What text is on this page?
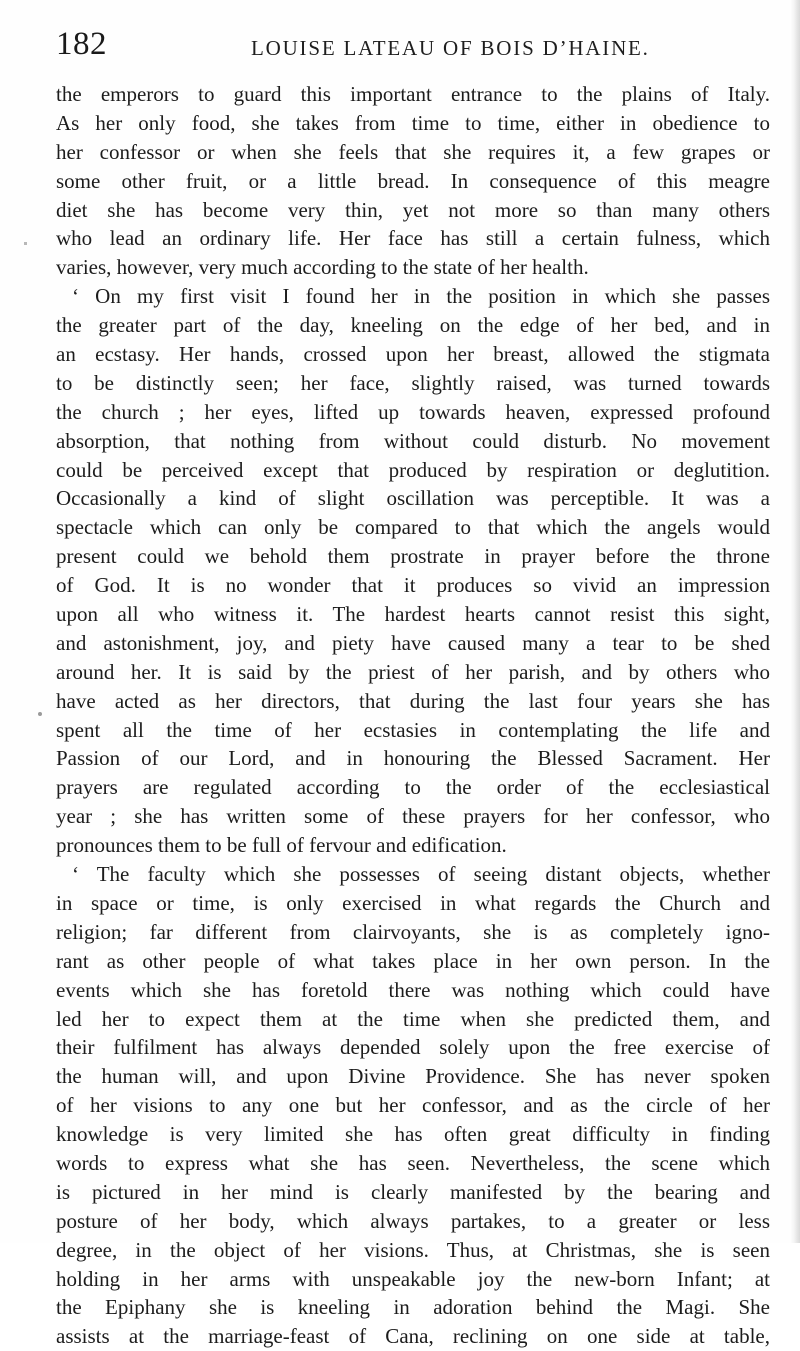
182	LOUISE LATEAU OF BOIS D’HAINE.
the emperors to guard this important entrance to the plains of Italy.
As her only food, she takes from time to time, either in obedience to
her confessor or when she feels that she requires it, a few grapes or
some other fruit, or a little bread. In consequence of this meagre
diet she has become very thin, yet not more so than many others
who lead an ordinary life. Her face has still a certain fulness, which
varies, however, very much according to the state of her health.
‘ On my first visit I found her in the position in which she passes
the greater part of the day, kneeling on the edge of her bed, and in
an ecstasy. Her hands, crossed upon her breast, allowed the stigmata
to be distinctly seen; her face, slightly raised, was turned towards
the church ; her eyes, lifted up towards heaven, expressed profound
absorption, that nothing from without could disturb. No movement
could be perceived except that produced by respiration or deglutition.
Occasionally a kind of slight oscillation was perceptible. It was a
spectacle which can only be compared to that which the angels would
present could we behold them prostrate in prayer before the throne
of God. It is no wonder that it produces so vivid an impression
upon all who witness it. The hardest hearts cannot resist this sight,
and astonishment, joy, and piety have caused many a tear to be shed
around her. It is said by the priest of her parish, and by others who
have acted as her directors, that during the last four years she has
spent all the time of her ecstasies in contemplating the life and
Passion of our Lord, and in honouring the Blessed Sacrament. Her
prayers are regulated according to the order of the ecclesiastical
year ; she has written some of these prayers for her confessor, who
pronounces them to be full of fervour and edification.
‘ The faculty which she possesses of seeing distant objects, whether
in space or time, is only exercised in what regards the Church and
religion; far different from clairvoyants, she is as completely igno-
rant as other people of what takes place in her own person. In the
events which she has foretold there was nothing which could have
led her to expect them at the time when she predicted them, and
their fulfilment has always depended solely upon the free exercise of
the human will, and upon Divine Providence. She has never spoken
of her visions to any one but her confessor, and as the circle of her
knowledge is very limited she has often great difficulty in finding
words to express what she has seen. Nevertheless, the scene which
is pictured in her mind is clearly manifested by the bearing and
posture of her body, which always partakes, to a greater or less
degree, in the object of her visions. Thus, at Christmas, she is seen
holding in her arms with unspeakable joy the new-born Infant; at
the Epiphany she is kneeling in adoration behind the Magi. She
assists at the marriage-feast of Cana, reclining on one side at table,
